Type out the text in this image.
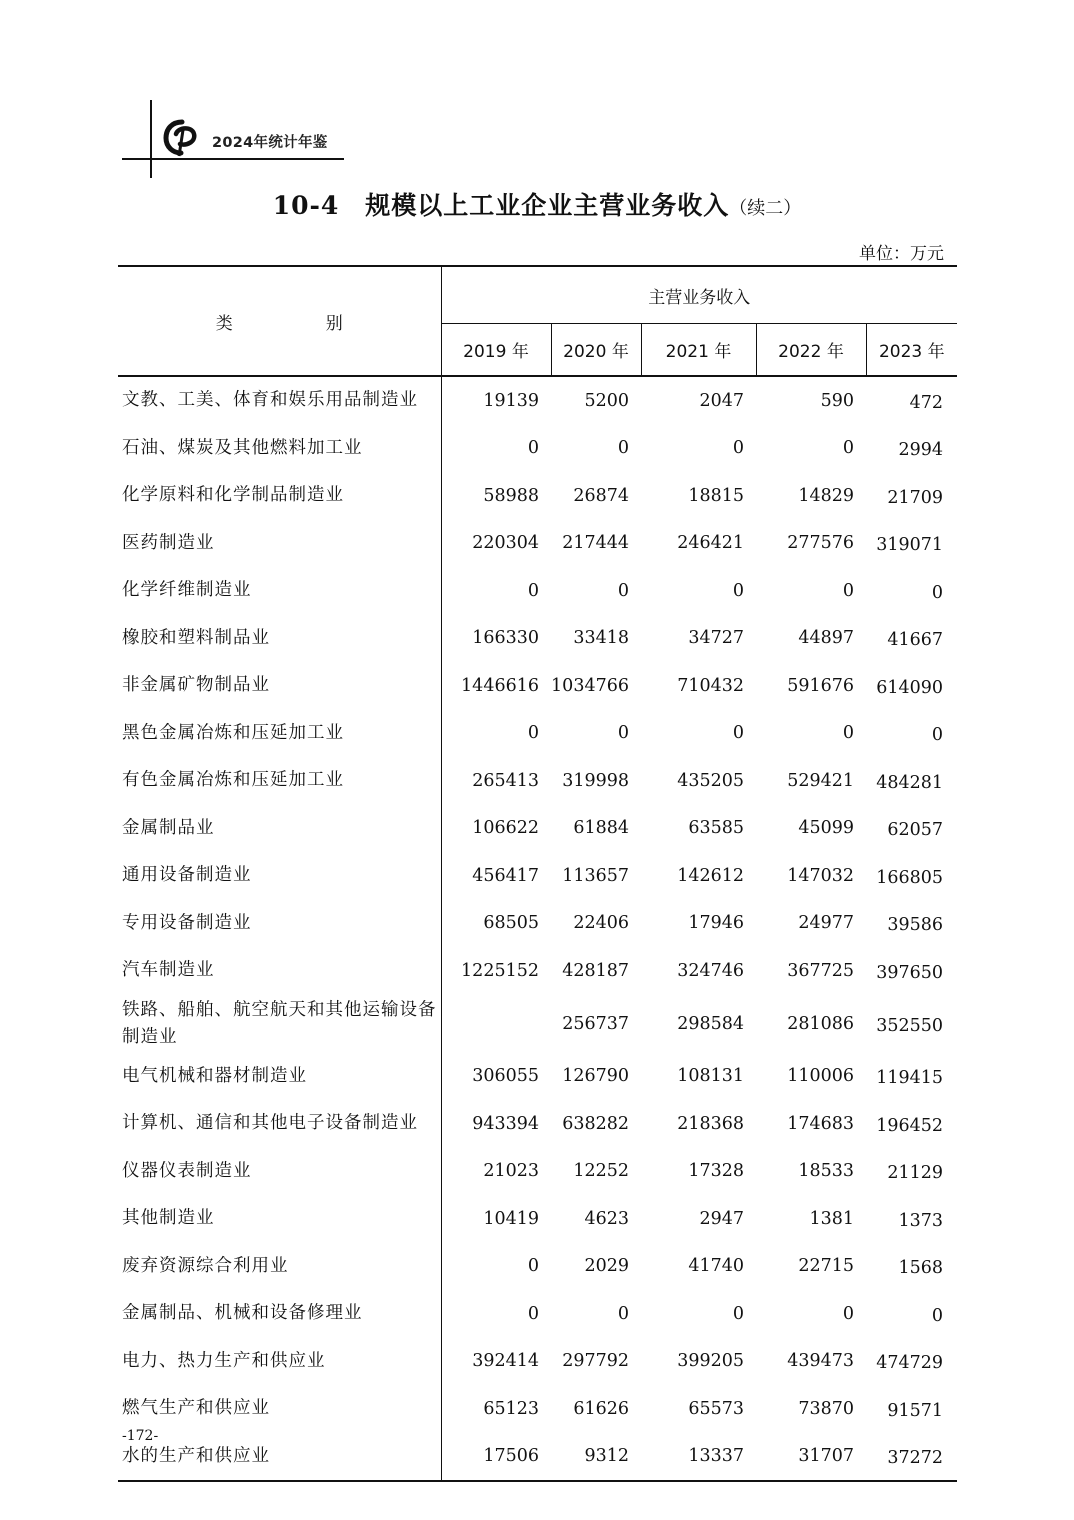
2024年统计年鉴
10-4 规模以上工业企业主营业务收入（续二）
单位：万元
类　别	主营业务收入				
	2019 年	2020 年	2021 年	2022 年	2023 年
文教、工美、体育和娱乐用品制造业	19139	5200	2047	590	472
石油、煤炭及其他燃料加工业	0	0	0	0	2994
化学原料和化学制品制造业	58988	26874	18815	14829	21709
医药制造业	220304	217444	246421	277576	319071
化学纤维制造业	0	0	0	0	0
橡胶和塑料制品业	166330	33418	34727	44897	41667
非金属矿物制品业	1446616	1034766	710432	591676	614090
黑色金属冶炼和压延加工业	0	0	0	0	0
有色金属冶炼和压延加工业	265413	319998	435205	529421	484281
金属制品业	106622	61884	63585	45099	62057
通用设备制造业	456417	113657	142612	147032	166805
专用设备制造业	68505	22406	17946	24977	39586
汽车制造业	1225152	428187	324746	367725	397650
铁路、船舶、航空航天和其他运输设备制造业		256737	298584	281086	352550
电气机械和器材制造业	306055	126790	108131	110006	119415
计算机、通信和其他电子设备制造业	943394	638282	218368	174683	196452
仪器仪表制造业	21023	12252	17328	18533	21129
其他制造业	10419	4623	2947	1381	1373
废弃资源综合利用业	0	2029	41740	22715	1568
金属制品、机械和设备修理业	0	0	0	0	0
电力、热力生产和供应业	392414	297792	399205	439473	474729
燃气生产和供应业	65123	61626	65573	73870	91571
水的生产和供应业	17506	9312	13337	31707	37272
-172-
